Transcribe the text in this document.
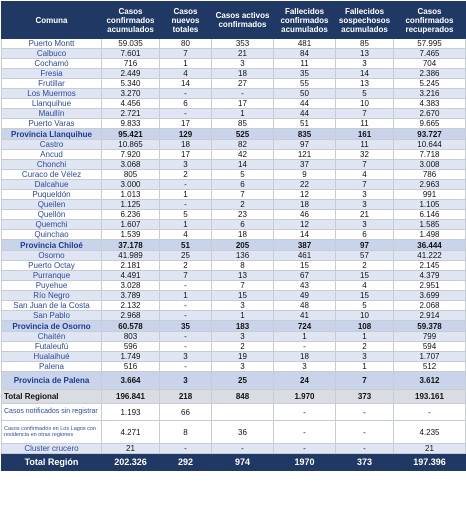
Comuna	Casos confirmados acumulados	Casos nuevos totales	Casos activos confirmados	Fallecidos confirmados acumulados	Fallecidos sospechosos acumulados	Casos confirmados recuperados
Puerto Montt	59.035	80	353	481	85	57.995
Calbuco	7.601	7	21	84	13	7.465
Cochamó	716	1	3	11	3	704
Fresia	2.449	4	18	35	14	2.386
Frutillar	5.340	14	27	55	13	5.245
Los Muermos	3.270	-	-	50	5	3.216
Llanquihue	4.456	6	17	44	10	4.383
Maullín	2.721	-	1	44	7	2.670
Puerto Varas	9.833	17	85	51	11	9.665
Provincia Llanquihue	95.421	129	525	835	161	93.727
Castro	10.865	18	82	97	11	10.644
Ancud	7.920	17	42	121	32	7.718
Chonchi	3.068	3	14	37	7	3.008
Curaco de Vélez	805	2	5	9	4	786
Dalcahue	3.000	-	6	22	7	2.963
Puqueldón	1.013	1	7	12	3	991
Queilen	1.125	-	2	18	3	1.105
Quellón	6.236	5	23	46	21	6.146
Quemchi	1.607	1	6	12	3	1.585
Quinchao	1.539	4	18	14	6	1.498
Provincia Chiloé	37.178	51	205	387	97	36.444
Osorno	41.989	25	136	461	57	41.222
Puerto Octay	2.181	2	8	15	2	2.145
Purranque	4.491	7	13	67	15	4.379
Puyehue	3.028	-	7	43	4	2.951
Río Negro	3.789	1	15	49	15	3.699
San Juan de la Costa	2.132	-	3	48	5	2.068
San Pablo	2.968	-	1	41	10	2.914
Provincia de Osorno	60.578	35	183	724	108	59.378
Chaitén	803	-	3	1	1	799
Futaleufú	596	-	2	-	2	594
Hualaihué	1.749	3	19	18	3	1.707
Palena	516	-	3	3	1	512
Provincia de Palena	3.664	3	25	24	7	3.612
Total Regional	196.841	218	848	1.970	373	193.161
Casos notificados sin registrar	1.193	66		-	-	-
Casos confirmados en Los Lagos con residencia en otras regiones	4.271	8	36	-	-	4.235
Cluster crucero	21	-	-	-	-	21
Total Región	202.326	292	974	1970	373	197.396
